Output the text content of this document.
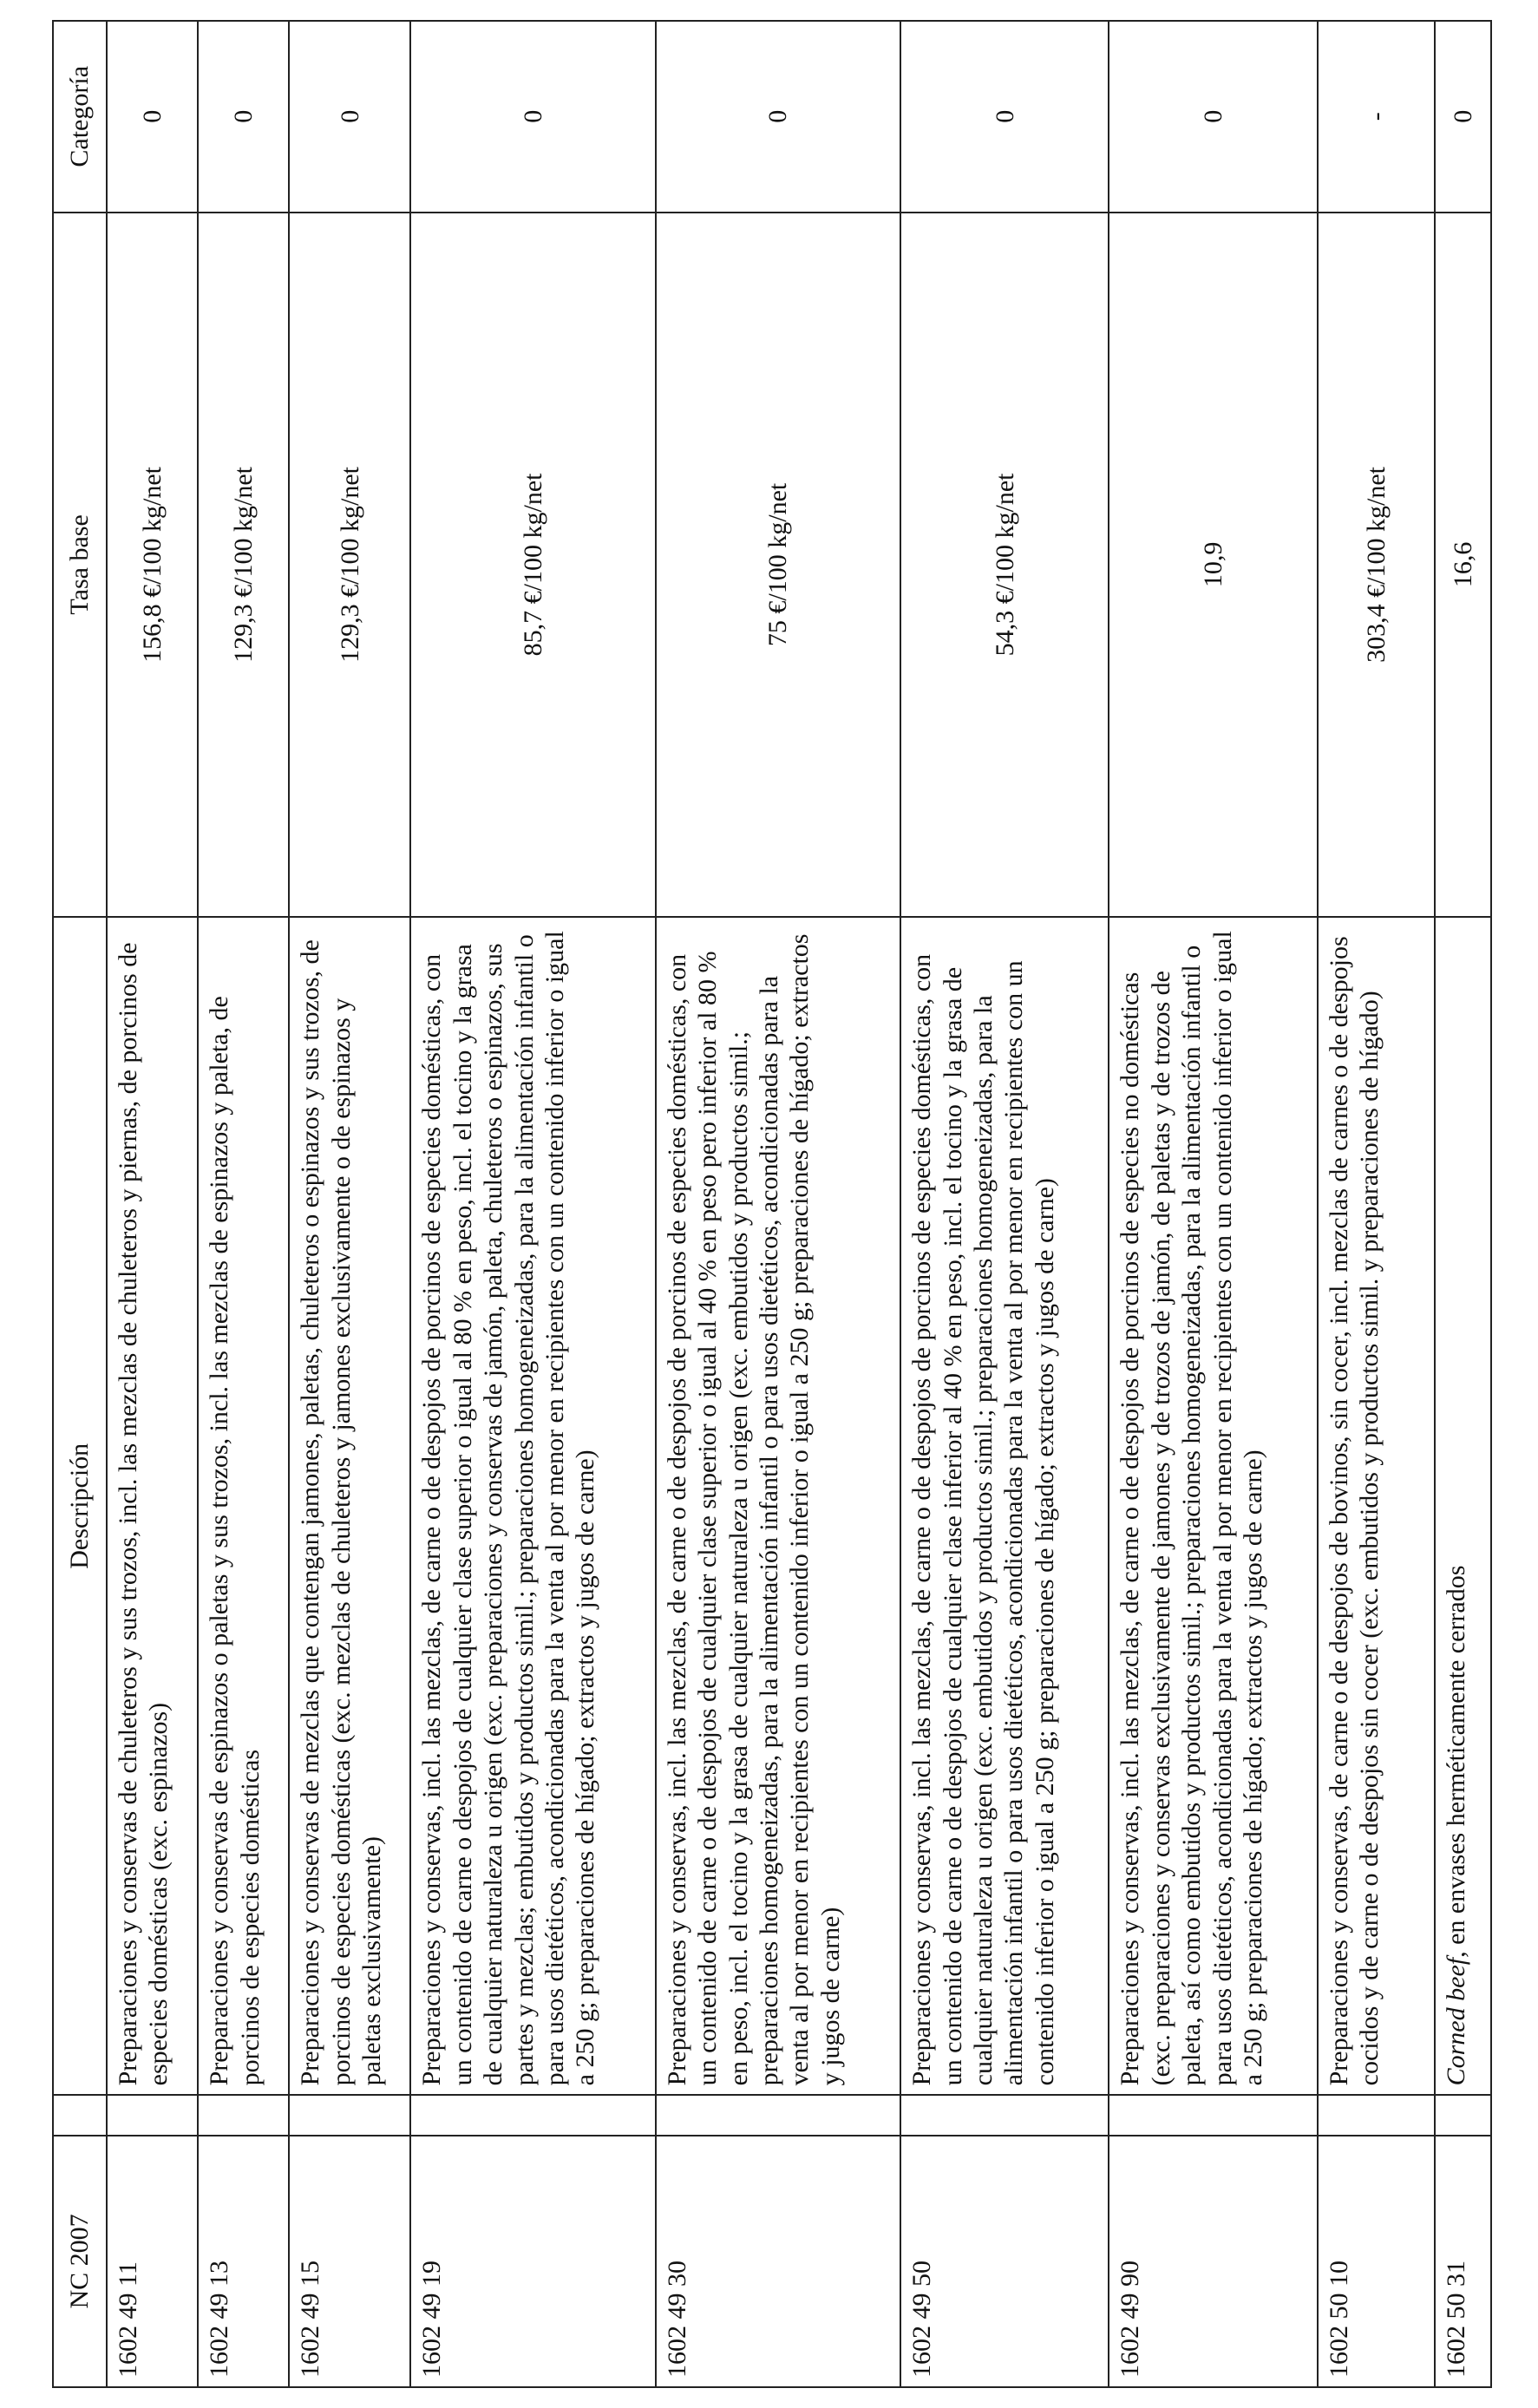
NC 2007		Descripción	Tasa base	Categoría
1602 49 11		Preparaciones y conservas de chuleteros y sus trozos, incl. las mezclas de chuleteros y piernas, de porcinos de especies domésticas (exc. espinazos)	156,8 €/100 kg/net	0
1602 49 13		Preparaciones y conservas de espinazos o paletas y sus trozos, incl. las mezclas de espinazos y paleta, de porcinos de especies domésticas	129,3 €/100 kg/net	0
1602 49 15		Preparaciones y conservas de mezclas que contengan jamones, paletas, chuleteros o espinazos y sus trozos, de porcinos de especies domésticas (exc. mezclas de chuleteros y jamones exclusivamente o de espinazos y paletas exclusivamente)	129,3 €/100 kg/net	0
1602 49 19		Preparaciones y conservas, incl. las mezclas, de carne o de despojos de porcinos de especies domésticas, con un contenido de carne o despojos de cualquier clase superior o igual al 80 % en peso, incl. el tocino y la grasa de cualquier naturaleza u origen (exc. preparaciones y conservas de jamón, paleta, chuleteros o espinazos, sus partes y mezclas; embutidos y productos simil.; preparaciones homogeneizadas, para la alimentación infantil o para usos dietéticos, acondicionadas para la venta al por menor en recipientes con un contenido inferior o igual a 250 g; preparaciones de hígado; extractos y jugos de carne)	85,7 €/100 kg/net	0
1602 49 30		Preparaciones y conservas, incl. las mezclas, de carne o de despojos de porcinos de especies domésticas, con un contenido de carne o de despojos de cualquier clase superior o igual al 40 % en peso pero inferior al 80 % en peso, incl. el tocino y la grasa de cualquier naturaleza u origen (exc. embutidos y productos simil.; preparaciones homogeneizadas, para la alimentación infantil o para usos dietéticos, acondicionadas para la venta al por menor en recipientes con un contenido inferior o igual a 250 g; preparaciones de hígado; extractos y jugos de carne)	75 €/100 kg/net	0
1602 49 50		Preparaciones y conservas, incl. las mezclas, de carne o de despojos de porcinos de especies domésticas, con un contenido de carne o de despojos de cualquier clase inferior al 40 % en peso, incl. el tocino y la grasa de cualquier naturaleza u origen (exc. embutidos y productos simil.; preparaciones homogeneizadas, para la alimentación infantil o para usos dietéticos, acondicionadas para la venta al por menor en recipientes con un contenido inferior o igual a 250 g; preparaciones de hígado; extractos y jugos de carne)	54,3 €/100 kg/net	0
1602 49 90		Preparaciones y conservas, incl. las mezclas, de carne o de despojos de porcinos de especies no domésticas (exc. preparaciones y conservas exclusivamente de jamones y de trozos de jamón, de paletas y de trozos de paleta, así como embutidos y productos simil.; preparaciones homogeneizadas, para la alimentación infantil o para usos dietéticos, acondicionadas para la venta al por menor en recipientes con un contenido inferior o igual a 250 g; preparaciones de hígado; extractos y jugos de carne)	10,9	0
1602 50 10		Preparaciones y conservas, de carne o de despojos de bovinos, sin cocer, incl. mezclas de carnes o de despojos cocidos y de carne o de despojos sin cocer (exc. embutidos y productos simil. y preparaciones de hígado)	303,4 €/100 kg/net	-
1602 50 31		Corned beef, en envases herméticamente cerrados	16,6	0
